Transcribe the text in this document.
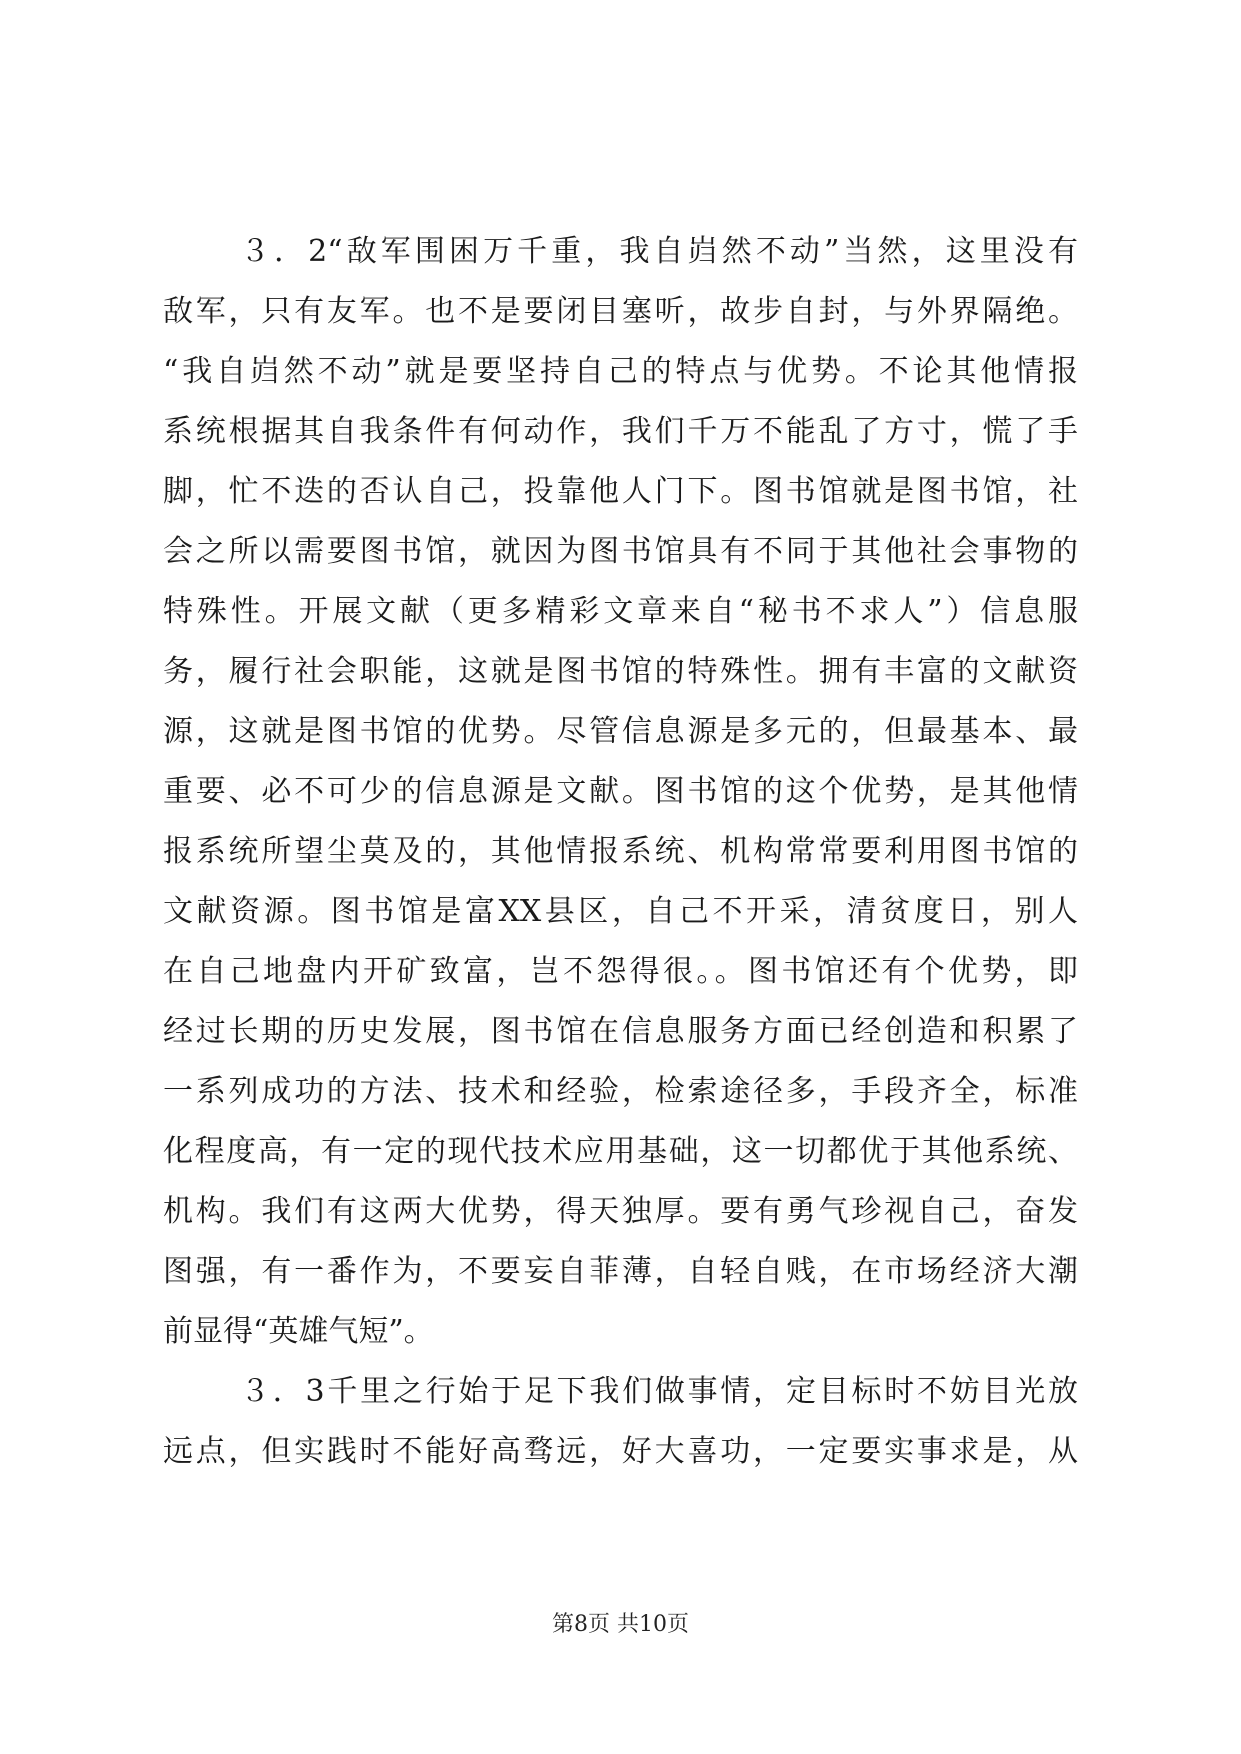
３．2“敌军围困万千重，我自岿然不动”当然，这里没有

敌军，只有友军。也不是要闭目塞听，故步自封，与外界隔绝。

“我自岿然不动”就是要坚持自己的特点与优势。不论其他情报

系统根据其自我条件有何动作，我们千万不能乱了方寸，慌了手

脚，忙不迭的否认自己，投靠他人门下。图书馆就是图书馆，社

会之所以需要图书馆，就因为图书馆具有不同于其他社会事物的

特殊性。开展文献（更多精彩文章来自“秘书不求人”）信息服

务，履行社会职能，这就是图书馆的特殊性。拥有丰富的文献资

源，这就是图书馆的优势。尽管信息源是多元的，但最基本、最

重要、必不可少的信息源是文献。图书馆的这个优势，是其他情

报系统所望尘莫及的，其他情报系统、机构常常要利用图书馆的

文献资源。图书馆是富XX县区，自己不开采，清贫度日，别人

在自己地盘内开矿致富，岂不怨得很。。图书馆还有个优势，即

经过长期的历史发展，图书馆在信息服务方面已经创造和积累了

一系列成功的方法、技术和经验，检索途径多，手段齐全，标准

化程度高，有一定的现代技术应用基础，这一切都优于其他系统、

机构。我们有这两大优势，得天独厚。要有勇气珍视自己，奋发

图强，有一番作为，不要妄自菲薄，自轻自贱，在市场经济大潮

前显得“英雄气短”。

３．3千里之行始于足下我们做事情，定目标时不妨目光放

远点，但实践时不能好高骛远，好大喜功，一定要实事求是，从

第8页 共10页
